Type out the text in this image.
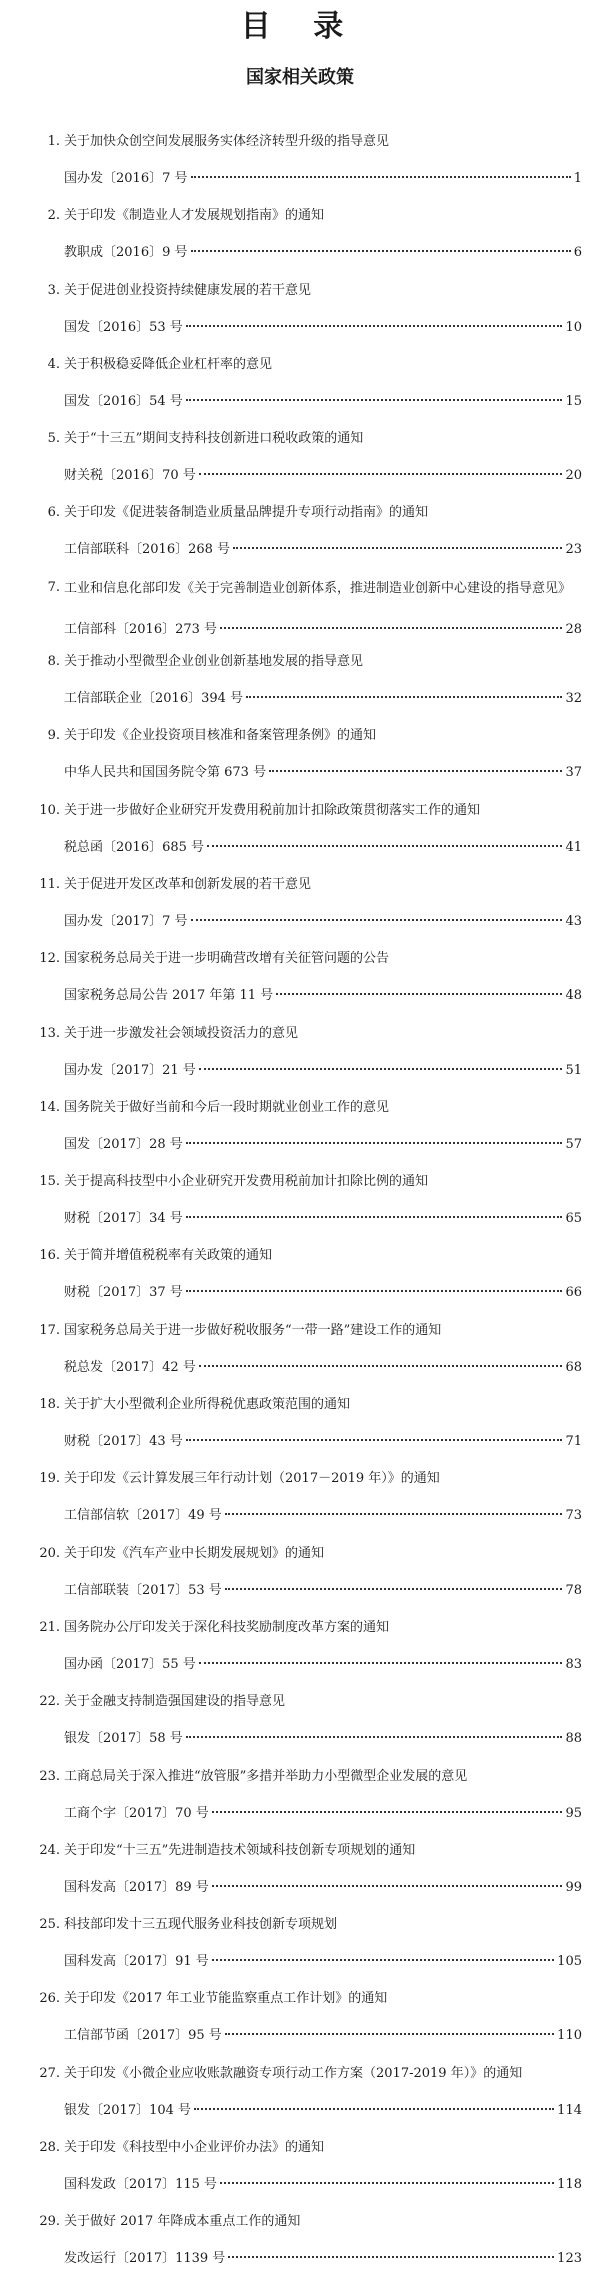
目 录
国家相关政策
1. 关于加快众创空间发展服务实体经济转型升级的指导意见
国办发〔2016〕7 号	1
2. 关于印发《制造业人才发展规划指南》的通知
教职成〔2016〕9 号	6
3. 关于促进创业投资持续健康发展的若干意见
国发〔2016〕53 号	10
4. 关于积极稳妥降低企业杠杆率的意见
国发〔2016〕54 号	15
5. 关于“十三五”期间支持科技创新进口税收政策的通知
财关税〔2016〕70 号	20
6. 关于印发《促进装备制造业质量品牌提升专项行动指南》的通知
工信部联科〔2016〕268 号	23
7. 工业和信息化部印发《关于完善制造业创新体系，推进制造业创新中心建设的指导意见》
工信部科〔2016〕273 号	28
8. 关于推动小型微型企业创业创新基地发展的指导意见
工信部联企业〔2016〕394 号	32
9. 关于印发《企业投资项目核准和备案管理条例》的通知
中华人民共和国国务院令第 673 号	37
10. 关于进一步做好企业研究开发费用税前加计扣除政策贯彻落实工作的通知
税总函〔2016〕685 号	41
11. 关于促进开发区改革和创新发展的若干意见
国办发〔2017〕7 号	43
12. 国家税务总局关于进一步明确营改增有关征管问题的公告
国家税务总局公告 2017 年第 11 号	48
13. 关于进一步激发社会领域投资活力的意见
国办发〔2017〕21 号	51
14. 国务院关于做好当前和今后一段时期就业创业工作的意见
国发〔2017〕28 号	57
15. 关于提高科技型中小企业研究开发费用税前加计扣除比例的通知
财税〔2017〕34 号	65
16. 关于简并增值税税率有关政策的通知
财税〔2017〕37 号	66
17. 国家税务总局关于进一步做好税收服务“一带一路”建设工作的通知
税总发〔2017〕42 号	68
18. 关于扩大小型微利企业所得税优惠政策范围的通知
财税〔2017〕43 号	71
19. 关于印发《云计算发展三年行动计划（2017－2019 年）》的通知
工信部信软〔2017〕49 号	73
20. 关于印发《汽车产业中长期发展规划》的通知
工信部联装〔2017〕53 号	78
21. 国务院办公厅印发关于深化科技奖励制度改革方案的通知
国办函〔2017〕55 号	83
22. 关于金融支持制造强国建设的指导意见
银发〔2017〕58 号	88
23. 工商总局关于深入推进“放管服”多措并举助力小型微型企业发展的意见
工商个字〔2017〕70 号	95
24. 关于印发“十三五”先进制造技术领域科技创新专项规划的通知
国科发高〔2017〕89 号	99
25. 科技部印发十三五现代服务业科技创新专项规划
国科发高〔2017〕91 号	105
26. 关于印发《2017 年工业节能监察重点工作计划》的通知
工信部节函〔2017〕95 号	110
27. 关于印发《小微企业应收账款融资专项行动工作方案（2017-2019 年）》的通知
银发〔2017〕104 号	114
28. 关于印发《科技型中小企业评价办法》的通知
国科发政〔2017〕115 号	118
29. 关于做好 2017 年降成本重点工作的通知
发改运行〔2017〕1139 号	123
